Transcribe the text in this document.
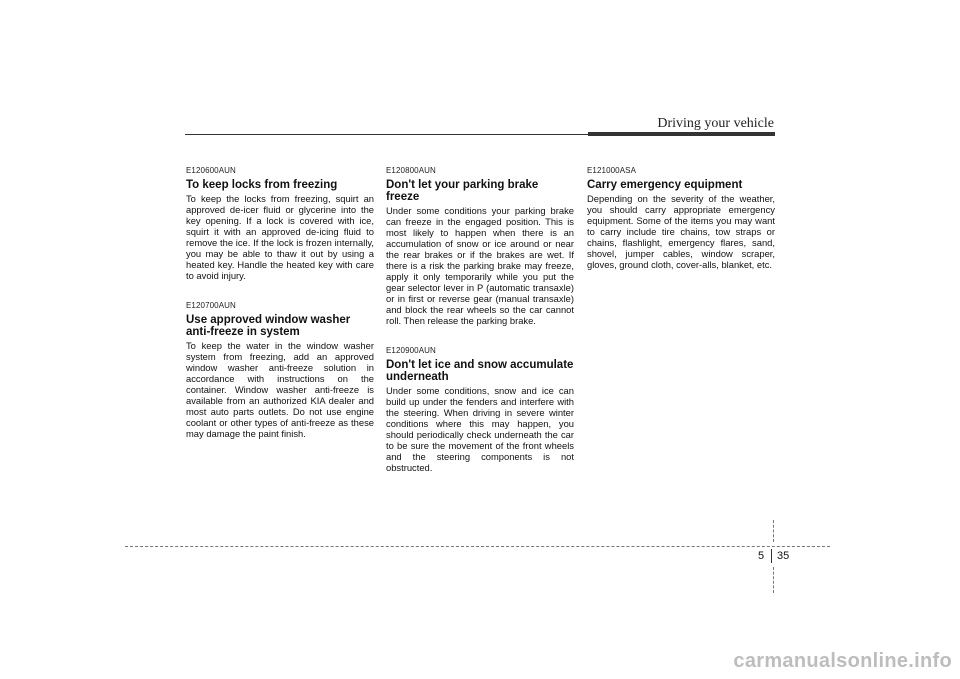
Driving your vehicle
E120600AUN
To keep locks from freezing
To keep the locks from freezing, squirt an approved de-icer fluid or glycerine into the key opening. If a lock is covered with ice, squirt it with an approved de-icing fluid to remove the ice. If the lock is frozen internally, you may be able to thaw it out by using a heated key. Handle the heated key with care to avoid injury.
E120700AUN
Use approved window washer anti-freeze in system
To keep the water in the window washer system from freezing, add an approved window washer anti-freeze solution in accordance with instructions on the container. Window washer anti-freeze is available from an authorized KIA dealer and most auto parts outlets. Do not use engine coolant or other types of anti-freeze as these may damage the paint finish.
E120800AUN
Don't let your parking brake freeze
Under some conditions your parking brake can freeze in the engaged position. This is most likely to happen when there is an accumulation of snow or ice around or near the rear brakes or if the brakes are wet. If there is a risk the parking brake may freeze, apply it only temporarily while you put the gear selector lever in P (automatic transaxle) or in first or reverse gear (manual transaxle) and block the rear wheels so the car cannot roll. Then release the parking brake.
E120900AUN
Don't let ice and snow accumulate underneath
Under some conditions, snow and ice can build up under the fenders and interfere with the steering. When driving in severe winter conditions where this may happen, you should periodically check underneath the car to be sure the movement of the front wheels and the steering components is not obstructed.
E121000ASA
Carry emergency equipment
Depending on the severity of the weather, you should carry appropriate emergency equipment. Some of the items you may want to carry include tire chains, tow straps or chains, flashlight, emergency flares, sand, shovel, jumper cables, window scraper, gloves, ground cloth, cover-alls, blanket, etc.
5 35
carmanualsonline.info
